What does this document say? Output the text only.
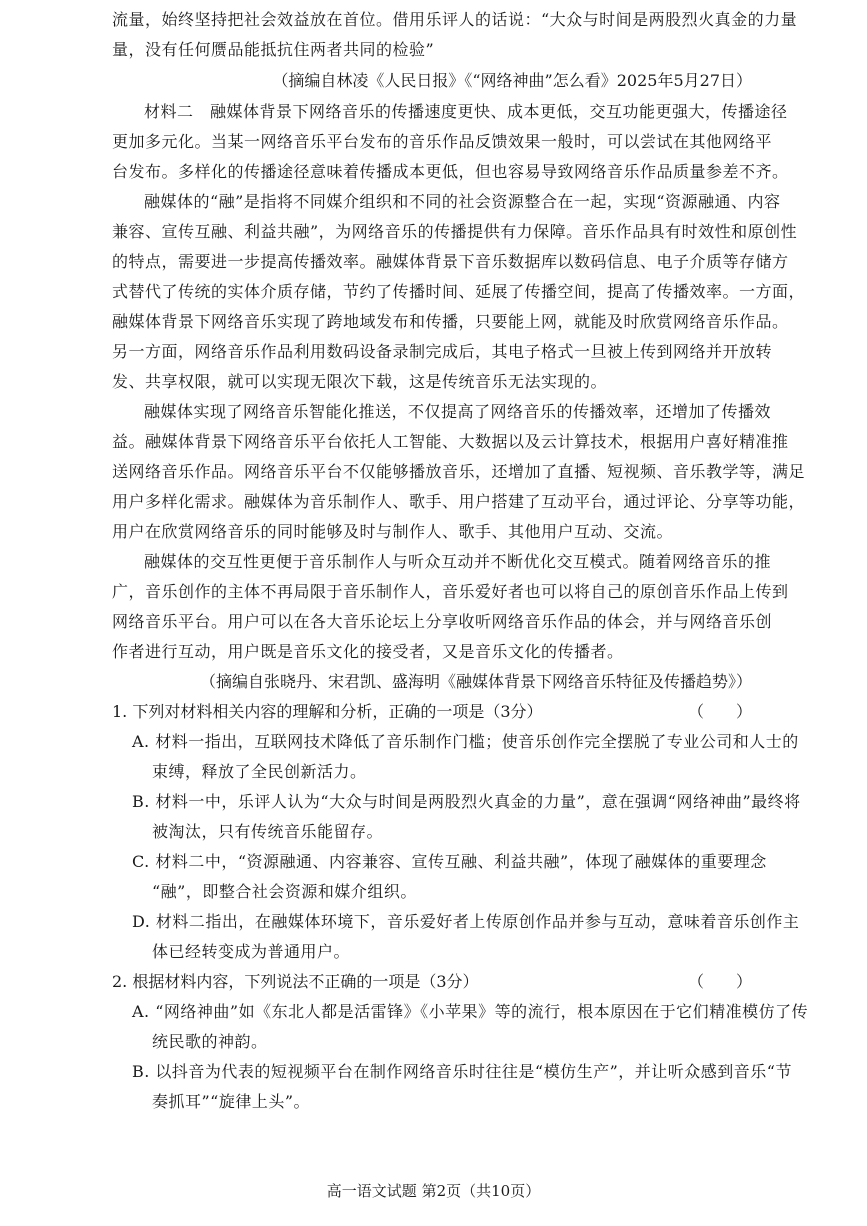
流量，始终坚持把社会效益放在首位。借用乐评人的话说：“大众与时间是两股烈火真金的力量
量，没有任何赝品能抵抗住两者共同的检验”
（摘编自林凌《人民日报》《“网络神曲”怎么看》2025年5月27日）
材料二　融媒体背景下网络音乐的传播速度更快、成本更低，交互功能更强大，传播途径
更加多元化。当某一网络音乐平台发布的音乐作品反馈效果一般时，可以尝试在其他网络平
台发布。多样化的传播途径意味着传播成本更低，但也容易导致网络音乐作品质量参差不齐。
融媒体的“融”是指将不同媒介组织和不同的社会资源整合在一起，实现“资源融通、内容
兼容、宣传互融、利益共融”，为网络音乐的传播提供有力保障。音乐作品具有时效性和原创性
的特点，需要进一步提高传播效率。融媒体背景下音乐数据库以数码信息、电子介质等存储方
式替代了传统的实体介质存储，节约了传播时间、延展了传播空间，提高了传播效率。一方面，
融媒体背景下网络音乐实现了跨地域发布和传播，只要能上网，就能及时欣赏网络音乐作品。
另一方面，网络音乐作品利用数码设备录制完成后，其电子格式一旦被上传到网络并开放转
发、共享权限，就可以实现无限次下载，这是传统音乐无法实现的。
融媒体实现了网络音乐智能化推送，不仅提高了网络音乐的传播效率，还增加了传播效
益。融媒体背景下网络音乐平台依托人工智能、大数据以及云计算技术，根据用户喜好精准推
送网络音乐作品。网络音乐平台不仅能够播放音乐，还增加了直播、短视频、音乐教学等，满足
用户多样化需求。融媒体为音乐制作人、歌手、用户搭建了互动平台，通过评论、分享等功能，
用户在欣赏网络音乐的同时能够及时与制作人、歌手、其他用户互动、交流。
融媒体的交互性更便于音乐制作人与听众互动并不断优化交互模式。随着网络音乐的推
广，音乐创作的主体不再局限于音乐制作人，音乐爱好者也可以将自己的原创音乐作品上传到
网络音乐平台。用户可以在各大音乐论坛上分享收听网络音乐作品的体会，并与网络音乐创
作者进行互动，用户既是音乐文化的接受者，又是音乐文化的传播者。
（摘编自张晓丹、宋君凯、盛海明《融媒体背景下网络音乐特征及传播趋势》）
1. 下列对材料相关内容的理解和分析，正确的一项是（3分）	（　　）
A. 材料一指出，互联网技术降低了音乐制作门槛；使音乐创作完全摆脱了专业公司和人士的
束缚，释放了全民创新活力。
B. 材料一中，乐评人认为“大众与时间是两股烈火真金的力量”，意在强调“网络神曲”最终将
被淘汰，只有传统音乐能留存。
C. 材料二中，“资源融通、内容兼容、宣传互融、利益共融”，体现了融媒体的重要理念
“融”，即整合社会资源和媒介组织。
D. 材料二指出，在融媒体环境下，音乐爱好者上传原创作品并参与互动，意味着音乐创作主
体已经转变成为普通用户。
2. 根据材料内容，下列说法不正确的一项是（3分）	（　　）
A. “网络神曲”如《东北人都是活雷锋》《小苹果》等的流行，根本原因在于它们精准模仿了传
统民歌的神韵。
B. 以抖音为代表的短视频平台在制作网络音乐时往往是“模仿生产”，并让听众感到音乐“节
奏抓耳”“旋律上头”。
高一语文试题 第2页（共10页）
